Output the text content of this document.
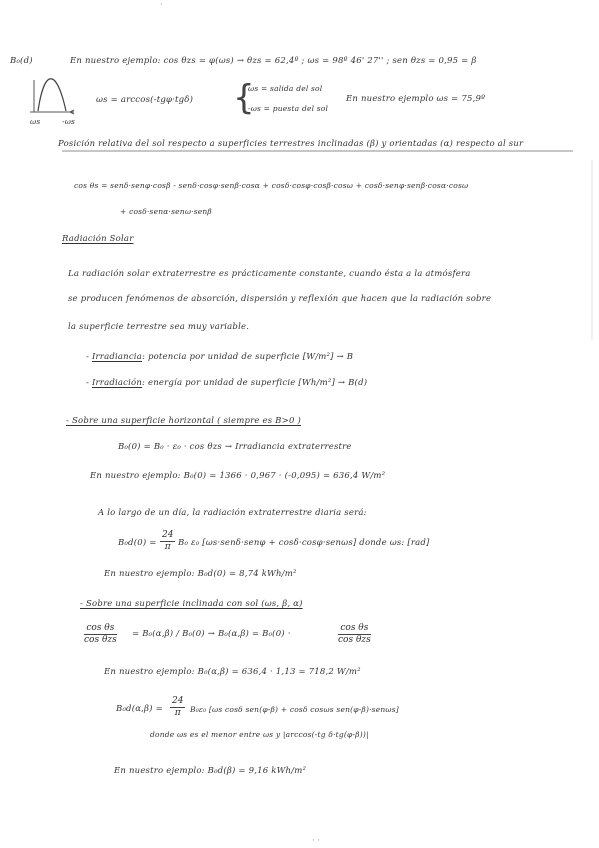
B₀(d)
ωs	-ωs
En nuestro ejemplo: cos θzs = φ(ωs) → θzs = 62,4º ; ωs = 98º 46' 27'' ; sen θzs = 0,95 = β
ωs = arccos(-tgφ·tgδ) {
ωs = salida del sol
-ωs = puesta del sol
En nuestro ejemplo ωs = 75,9º
Posición relativa del sol respecto a superficies terrestres inclinadas (β) y orientadas (α) respecto al sur
cos θs = senδ·senφ·cosβ - senδ·cosφ·senβ·cosα + cosδ·cosφ·cosβ·cosω + cosδ·senφ·senβ·cosα·cosω
+ cosδ·senα·senω·senβ
Radiación Solar
La radiación solar extraterrestre es prácticamente constante, cuando ésta a la atmósfera
se producen fenómenos de absorción, dispersión y reflexión que hacen que la radiación sobre
la superficie terrestre sea muy variable.
- Irradiancia: potencia por unidad de superficie [W/m²] → B
- Irradiación: energía por unidad de superficie [Wh/m²] → B(d)
- Sobre una superficie horizontal ( siempre es B>0 )
B₀(0) = B₀ · ε₀ · cos θzs → Irradiancia extraterrestre
En nuestro ejemplo: B₀(0) = 1366 · 0,967 · (-0,095) = 636,4 W/m²
A lo largo de un día, la radiación extraterrestre diaria será:
$B_0d(0) = \frac{24}{\pi} B_0$ ε₀ [ωs·senδ·senφ + cosδ·cosφ·senωs] donde ωs: [rad]
En nuestro ejemplo: B₀d(0) = 8,74 kWh/m²
- Sobre una superficie inclinada con sol (ωs, β, α)
cos θs
cos θzs
= B₀(α,β) / B₀(0) → B₀(α,β) = B₀(0) ·
cos θs
cos θzs
En nuestro ejemplo: B₀(α,β) = 636,4 · 1,13 = 718,2 W/m²
$B_0d(\alpha,\beta) = \frac{24}{\pi} B_0\varepsilon_0$ [ωs cosδ sen(φ-β) + cosδ cosωs sen(φ-β)·senωs]
donde ωs es el menor entre ωs y |arccos(-tg δ·tg(φ-β))|
En nuestro ejemplo: B₀d(β) = 9,16 kWh/m²
·
· ·
